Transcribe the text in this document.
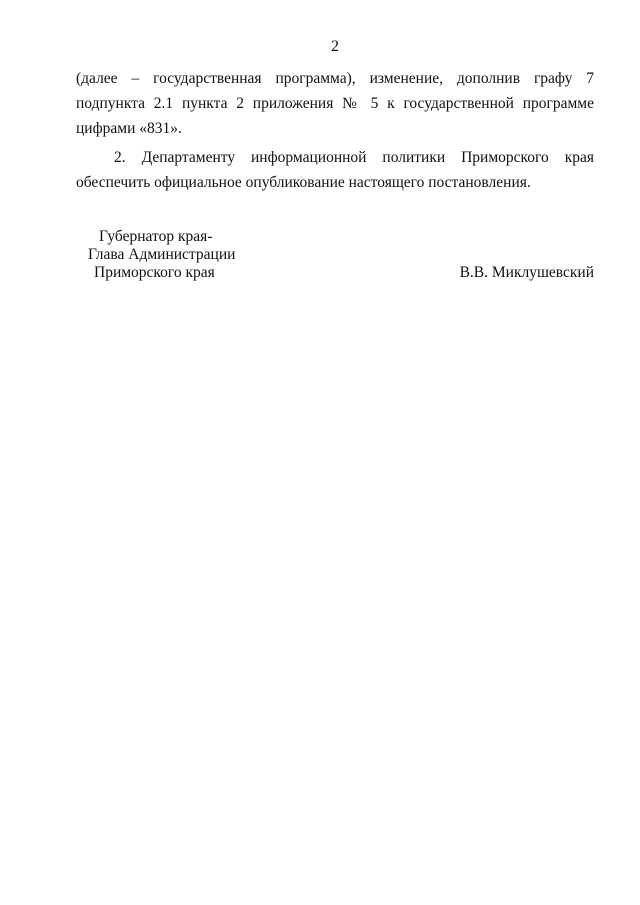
2
(далее – государственная программа), изменение, дополнив графу 7
подпункта 2.1 пункта 2 приложения № 5 к государственной программе
цифрами «831».
2. Департаменту информационной политики Приморского края
обеспечить официальное опубликование настоящего постановления.
Губернатор края-
Глава Администрации
Приморского края	В.В. Миклушевский
